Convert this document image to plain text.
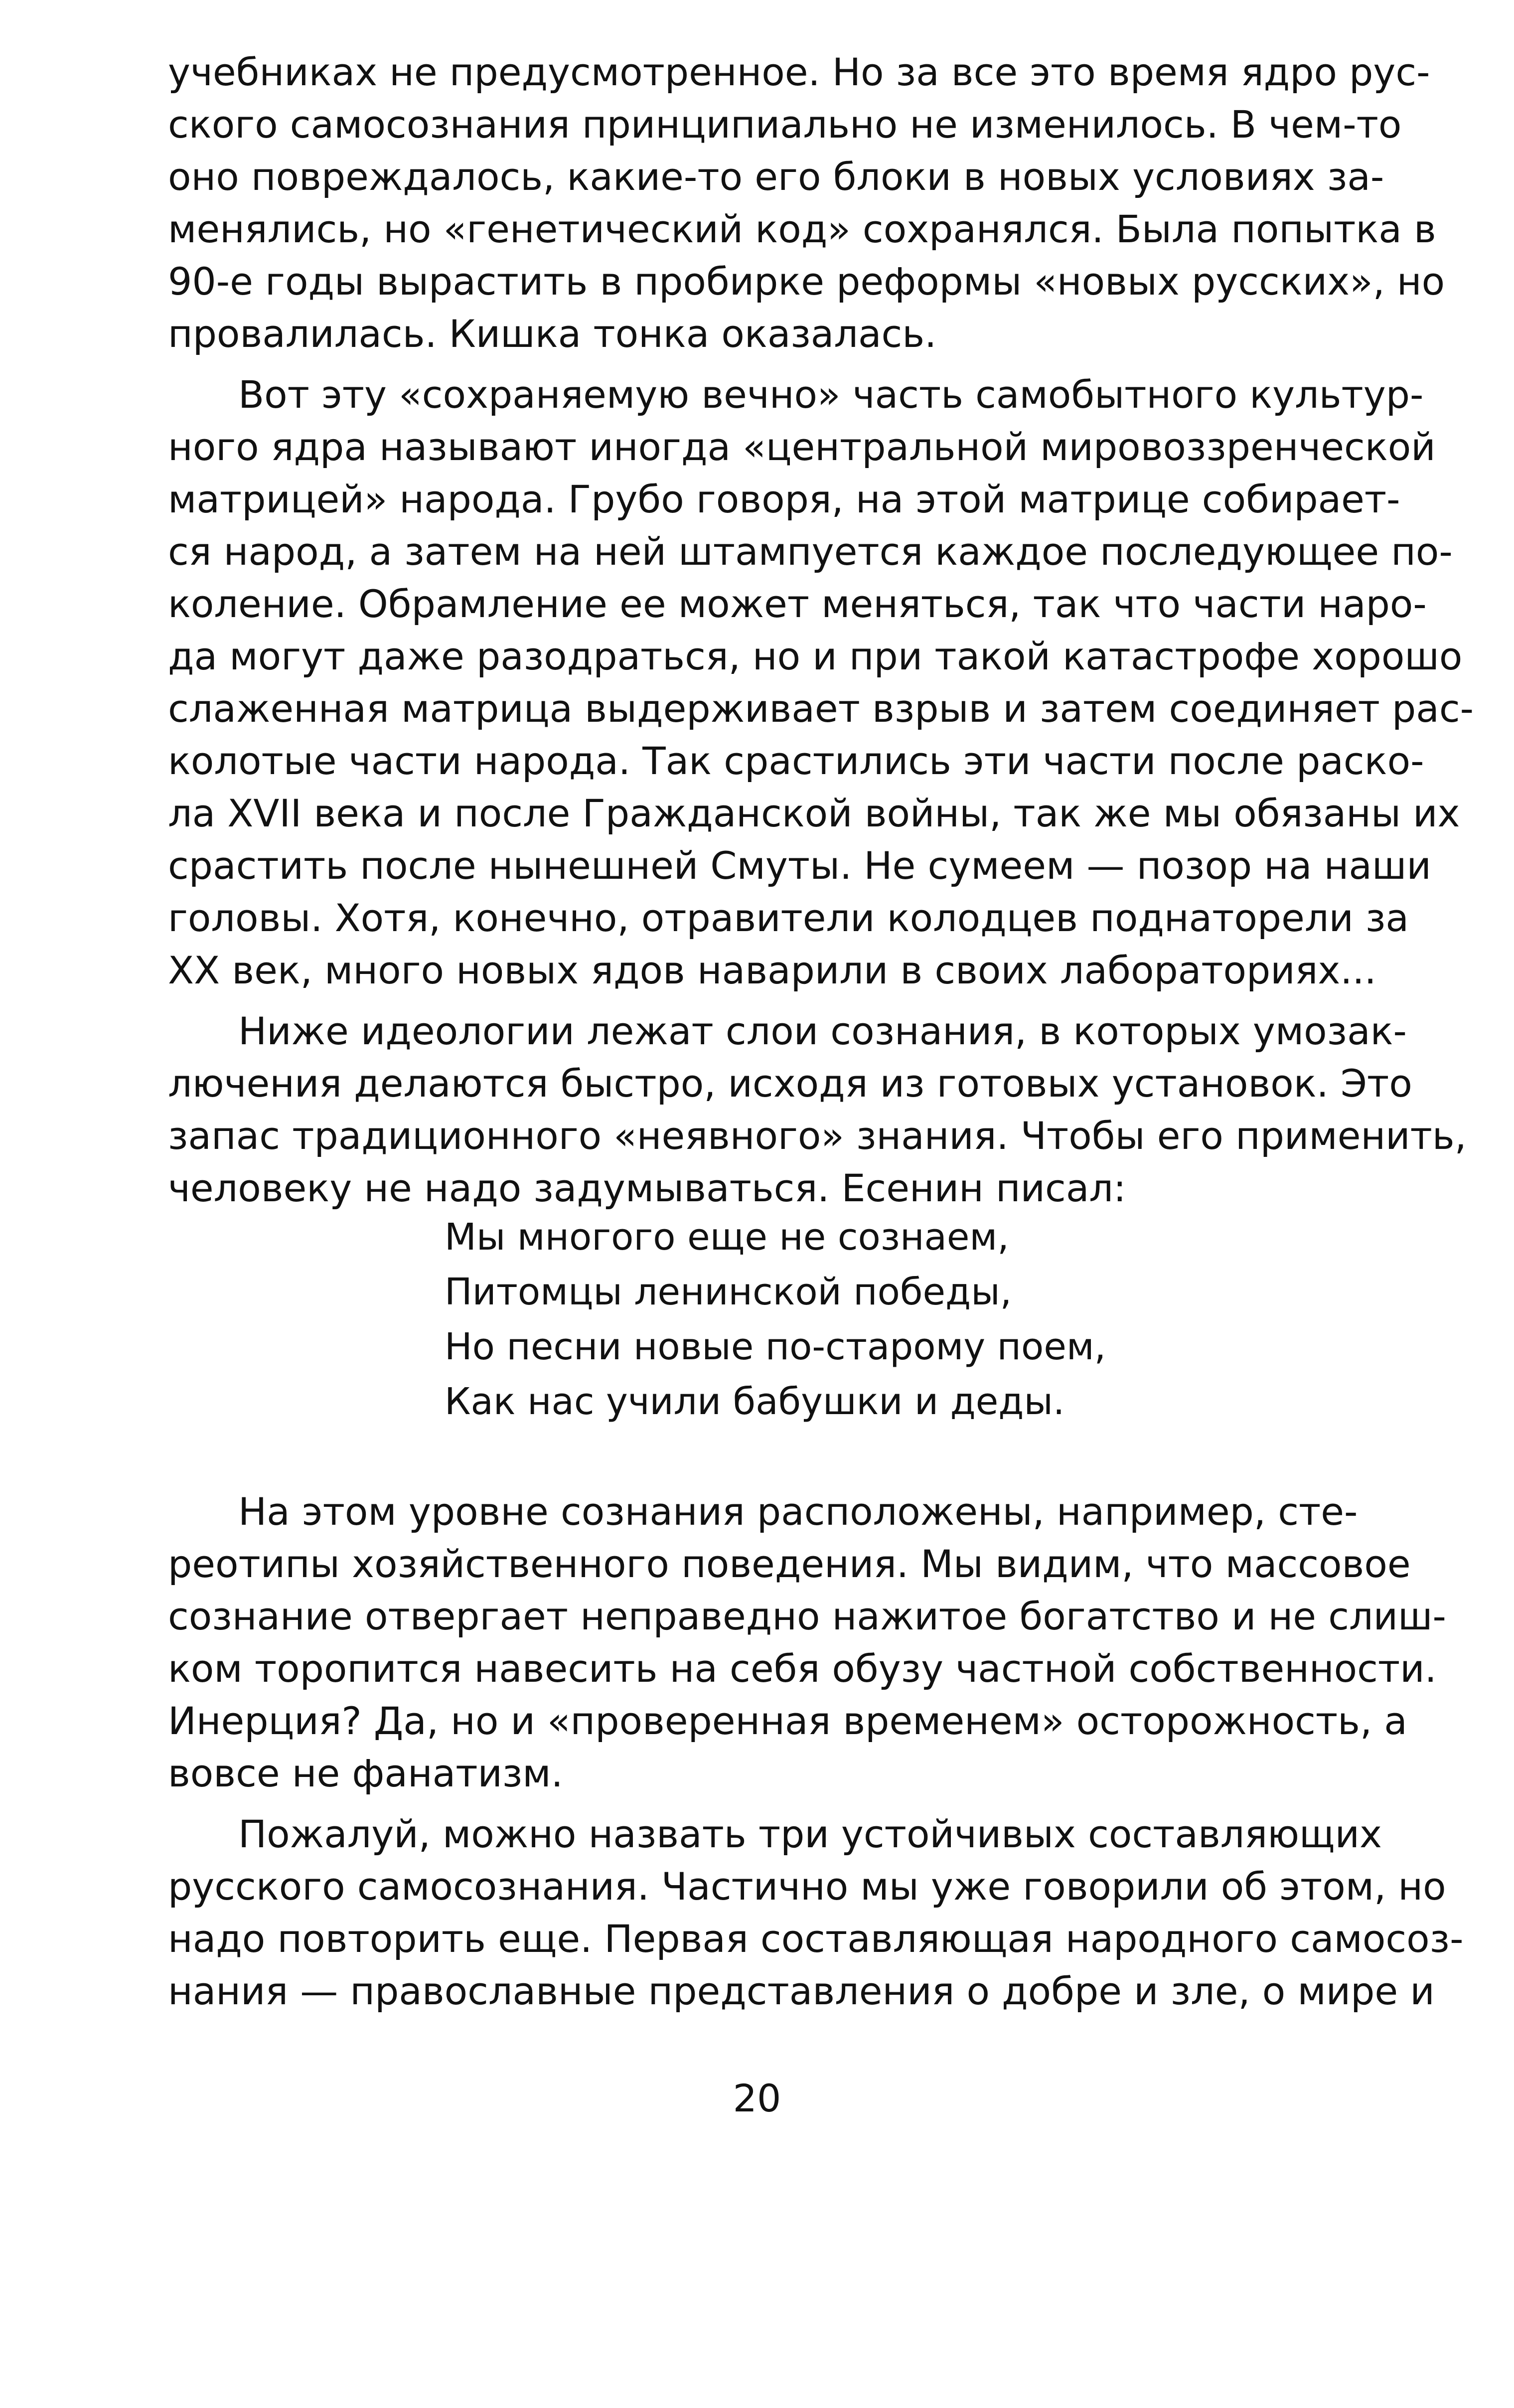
учебниках не предусмотренное. Но за все это время ядро рус-
ского самосознания принципиально не изменилось. В чем-то
оно повреждалось, какие-то его блоки в новых условиях за-
менялись, но «генетический код» сохранялся. Была попытка в
90-е годы вырастить в пробирке реформы «новых русских», но
провалилась. Кишка тонка оказалась.
Вот эту «сохраняемую вечно» часть самобытного культур-
ного ядра называют иногда «центральной мировоззренческой
матрицей» народа. Грубо говоря, на этой матрице собирает-
ся народ, а затем на ней штампуется каждое последующее по-
коление. Обрамление ее может меняться, так что части наро-
да могут даже разодраться, но и при такой катастрофе хорошо
слаженная матрица выдерживает взрыв и затем соединяет рас-
колотые части народа. Так срастились эти части после раско-
ла XVII века и после Гражданской войны, так же мы обязаны их
срастить после нынешней Смуты. Не сумеем — позор на наши
головы. Хотя, конечно, отравители колодцев поднаторели за
XX век, много новых ядов наварили в своих лабораториях...
Ниже идеологии лежат слои сознания, в которых умозак-
лючения делаются быстро, исходя из готовых установок. Это
запас традиционного «неявного» знания. Чтобы его применить,
человеку не надо задумываться. Есенин писал:
Мы многого еще не сознаем,
Питомцы ленинской победы,
Но песни новые по-старому поем,
Как нас учили бабушки и деды.
На этом уровне сознания расположены, например, сте-
реотипы хозяйственного поведения. Мы видим, что массовое
сознание отвергает неправедно нажитое богатство и не слиш-
ком торопится навесить на себя обузу частной собственности.
Инерция? Да, но и «проверенная временем» осторожность, а
вовсе не фанатизм.
Пожалуй, можно назвать три устойчивых составляющих
русского самосознания. Частично мы уже говорили об этом, но
надо повторить еще. Первая составляющая народного самосоз-
нания — православные представления о добре и зле, о мире и
20
